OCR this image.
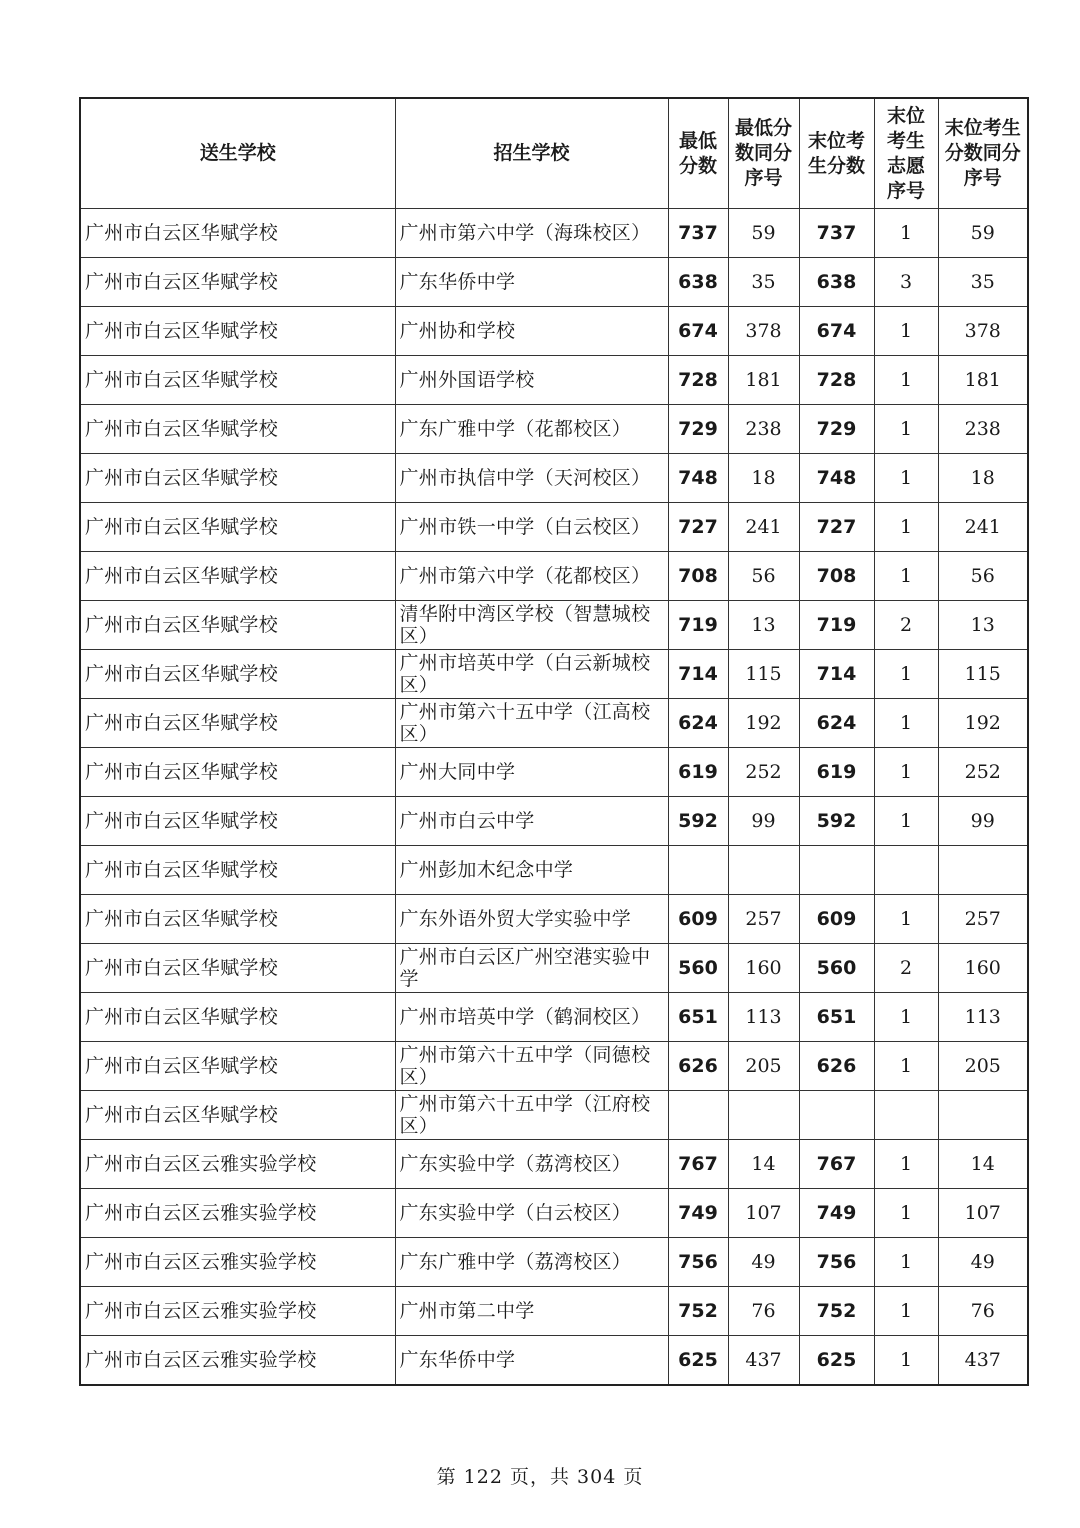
送生学校	招生学校	最低分数	最低分数同分序号	末位考生分数	末位考生志愿序号	末位考生分数同分序号
广州市白云区华赋学校	广州市第六中学（海珠校区）	737	59	737	1	59
广州市白云区华赋学校	广东华侨中学	638	35	638	3	35
广州市白云区华赋学校	广州协和学校	674	378	674	1	378
广州市白云区华赋学校	广州外国语学校	728	181	728	1	181
广州市白云区华赋学校	广东广雅中学（花都校区）	729	238	729	1	238
广州市白云区华赋学校	广州市执信中学（天河校区）	748	18	748	1	18
广州市白云区华赋学校	广州市铁一中学（白云校区）	727	241	727	1	241
广州市白云区华赋学校	广州市第六中学（花都校区）	708	56	708	1	56
广州市白云区华赋学校	清华附中湾区学校（智慧城校区）	719	13	719	2	13
广州市白云区华赋学校	广州市培英中学（白云新城校区）	714	115	714	1	115
广州市白云区华赋学校	广州市第六十五中学（江高校区）	624	192	624	1	192
广州市白云区华赋学校	广州大同中学	619	252	619	1	252
广州市白云区华赋学校	广州市白云中学	592	99	592	1	99
广州市白云区华赋学校	广州彭加木纪念中学					
广州市白云区华赋学校	广东外语外贸大学实验中学	609	257	609	1	257
广州市白云区华赋学校	广州市白云区广州空港实验中学	560	160	560	2	160
广州市白云区华赋学校	广州市培英中学（鹤洞校区）	651	113	651	1	113
广州市白云区华赋学校	广州市第六十五中学（同德校区）	626	205	626	1	205
广州市白云区华赋学校	广州市第六十五中学（江府校区）					
广州市白云区云雅实验学校	广东实验中学（荔湾校区）	767	14	767	1	14
广州市白云区云雅实验学校	广东实验中学（白云校区）	749	107	749	1	107
广州市白云区云雅实验学校	广东广雅中学（荔湾校区）	756	49	756	1	49
广州市白云区云雅实验学校	广州市第二中学	752	76	752	1	76
广州市白云区云雅实验学校	广东华侨中学	625	437	625	1	437
第 122 页，共 304 页
